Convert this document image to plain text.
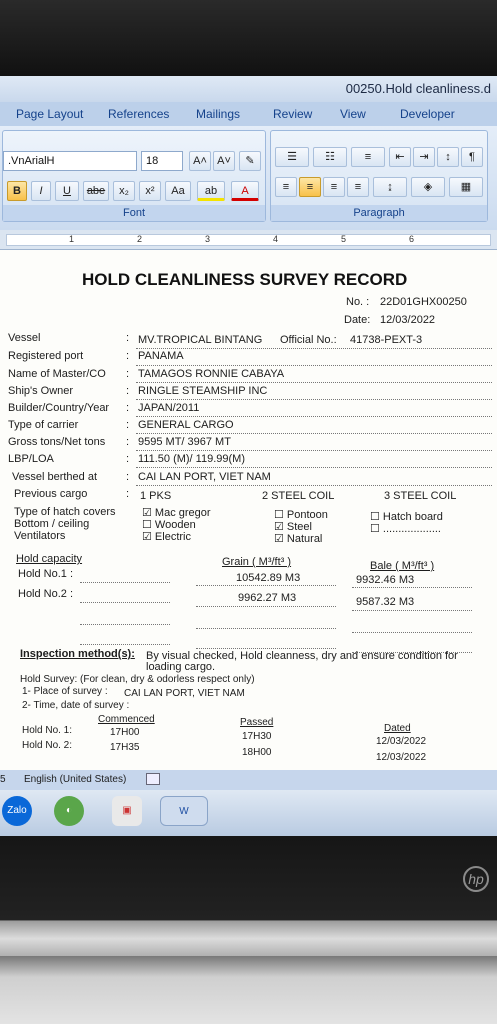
00250.Hold cleanliness.d
Page Layout References Mailings	Review View	Developer
.VnArialH	18	A˄ A˅	✎
B	I	U	abe	x₂	x²	Aa	ab	A
Font
☰	☷	≡	⇤	⇥	↕	¶
≡	≡	≡	≡	↨	◈	▦
Paragraph
1	2	3	4	5	6
HOLD CLEANLINESS SURVEY RECORD
No. : 22D01GHX00250
Date: 12/03/2022
Vessel	: MV.TROPICAL BINTANG Official No.: 41738-PEXT-3
Registered port	: PANAMA
Name of Master/CO : TAMAGOS RONNIE CABAYA
Ship's Owner	: RINGLE STEAMSHIP INC
Builder/Country/Year : JAPAN/2011
Type of carrier	: GENERAL CARGO
Gross tons/Net tons : 9595 MT/ 3967 MT
LBP/LOA	: 111.50 (M)/ 119.99(M)
Vessel berthed at	: CAI LAN PORT, VIET NAM
Previous cargo	: 1 PKS	2 STEEL COIL	3 STEEL COIL
Type of hatch covers
Bottom / ceiling
Ventilators
☑ Mac gregor
☐ Wooden
☑ Electric
☐ Pontoon
☑ Steel
☑ Natural
☐ Hatch board
☐ ...................
Hold capacity	Grain ( M³/ft³ )	Bale ( M³/ft³ )
Hold No.1 :	10542.89 M3	9932.46 M3
Hold No.2 :	9962.27 M3	9587.32 M3
Inspection method(s): By visual checked, Hold cleanness, dry and ensure condition for
loading cargo.
Hold Survey: (For clean, dry & odorless respect only)
1- Place of survey : CAI LAN PORT, VIET NAM
2- Time, date of survey :
Commenced	Passed
Dated
Hold No. 1:	17H00	17H30	12/03/2022
Hold No. 2:	17H35	18H00	12/03/2022
5 English (United States)
Zalo	◐	▣	W
hp
